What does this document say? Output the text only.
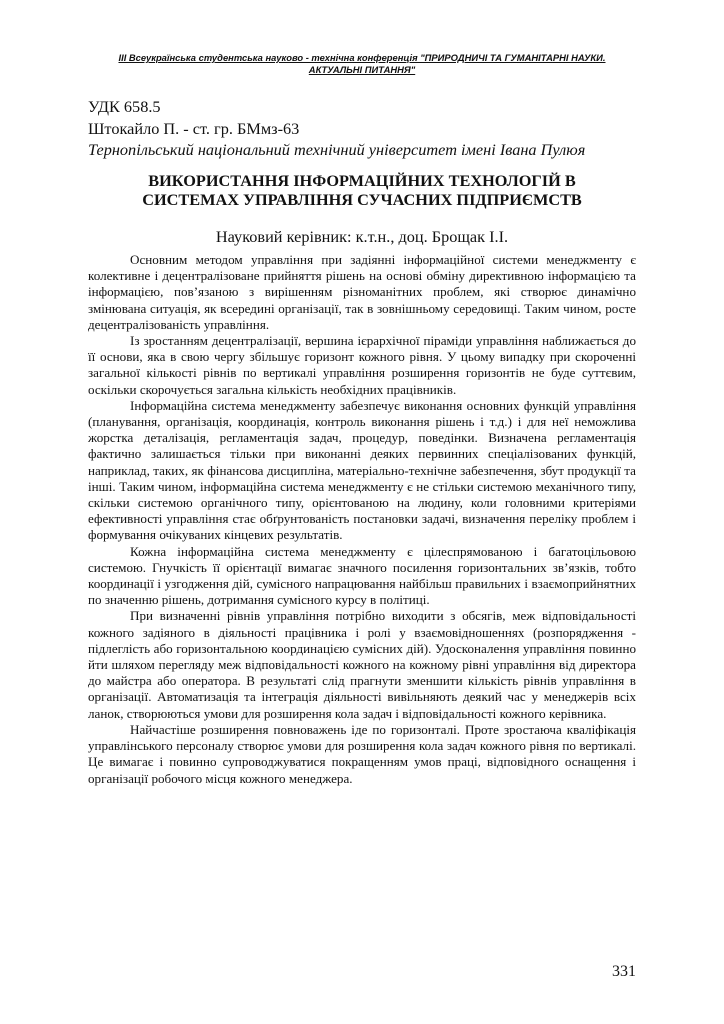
III Всеукраїнська студентська науково - технічна конференція "ПРИРОДНИЧІ ТА ГУМАНІТАРНІ НАУКИ.
АКТУАЛЬНІ ПИТАННЯ"
УДК 658.5
Штокайло П. - ст. гр. БМмз-63
Тернопільський національний технічний університет імені Івана Пулюя
ВИКОРИСТАННЯ ІНФОРМАЦІЙНИХ ТЕХНОЛОГІЙ В
СИСТЕМАХ УПРАВЛІННЯ СУЧАСНИХ ПІДПРИЄМСТВ
Науковий керівник: к.т.н., доц. Брощак І.І.

Основним методом управління при задіянні інформаційної системи менеджменту є колективне і децентралізоване прийняття рішень на основі обміну директивною інформацією та інформацією, пов’язаною з вирішенням різноманітних проблем, які створює динамічно змінювана ситуація, як всередині організації, так в зовнішньому середовищі. Таким чином, росте децентралізованість управління.

Із зростанням децентралізації, вершина ієрархічної піраміди управління наближається до її основи, яка в свою чергу збільшує горизонт кожного рівня. У цьому випадку при скороченні загальної кількості рівнів по вертикалі управління розширення горизонтів не буде суттєвим, оскільки скорочується загальна кількість необхідних працівників.

Інформаційна система менеджменту забезпечує виконання основних функцій управління (планування, організація, координація, контроль виконання рішень і т.д.) і для неї неможлива жорстка деталізація, регламентація задач, процедур, поведінки. Визначена регламентація фактично залишається тільки при виконанні деяких первинних спеціалізованих функцій, наприклад, таких, як фінансова дисципліна, матеріально-технічне забезпечення, збут продукції та інші. Таким чином, інформаційна система менеджменту є не стільки системою механічного типу, скільки системою органічного типу, орієнтованою на людину, коли головними критеріями ефективності управління стає обґрунтованість постановки задачі, визначення переліку проблем і формування очікуваних кінцевих результатів.

Кожна інформаційна система менеджменту є цілеспрямованою і багатоцільовою системою. Гнучкість її орієнтації вимагає значного посилення горизонтальних зв’язків, тобто координації і узгодження дій, сумісного напрацювання найбільш правильних і взаємоприйнятних по значенню рішень, дотримання сумісного курсу в політиці.

При визначенні рівнів управління потрібно виходити з обсягів, меж відповідальності кожного задіяного в діяльності працівника і ролі у взаємовідношеннях (розпорядження - підлеглість або горизонтальною координацією сумісних дій). Удосконалення управління повинно йти шляхом перегляду меж відповідальності кожного на кожному рівні управління від директора до майстра або оператора. В результаті слід прагнути зменшити кількість рівнів управління в організації. Автоматизація та інтеграція діяльності вивільняють деякий час у менеджерів всіх ланок, створюються умови для розширення кола задач і відповідальності кожного керівника.

Найчастіше розширення повноважень іде по горизонталі. Проте зростаюча кваліфікація управлінського персоналу створює умови для розширення кола задач кожного рівня по вертикалі. Це вимагає і повинно супроводжуватися покращенням умов праці, відповідного оснащення і організації робочого місця кожного менеджера.

331
